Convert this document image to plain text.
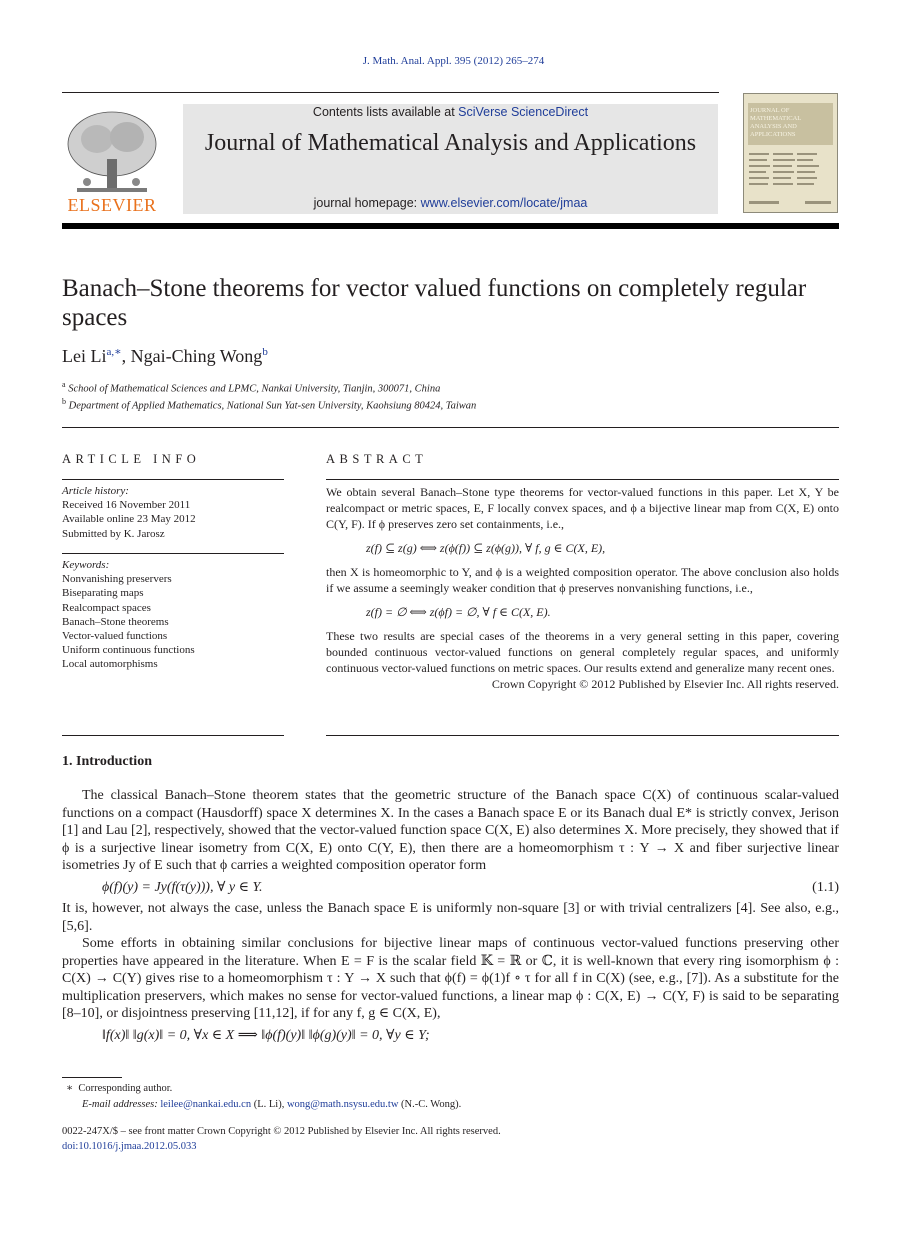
J. Math. Anal. Appl. 395 (2012) 265–274
ELSEVIER
Contents lists available at SciVerse ScienceDirect
Journal of Mathematical Analysis and Applications
journal homepage: www.elsevier.com/locate/jmaa
JOURNAL OF MATHEMATICAL ANALYSIS AND APPLICATIONS
Banach–Stone theorems for vector valued functions on completely regular spaces
Lei $Li^{a,∗}$, Ngai-Ching Wong$^b$
$^a$ School of Mathematical Sciences and LPMC, Nankai University, Tianjin, 300071, China
$^b$ Department of Applied Mathematics, National Sun Yat-sen University, Kaohsiung 80424, Taiwan
ARTICLE INFO
Article history:
Received 16 November 2011
Available online 23 May 2012
Submitted by K. Jarosz
Keywords:
Nonvanishing preservers
Biseparating maps
Realcompact spaces
Banach–Stone theorems
Vector-valued functions
Uniform continuous functions
Local automorphisms
ABSTRACT

We obtain several Banach–Stone type theorems for vector-valued functions in this paper. Let X, Y be realcompact or metric spaces, E, F locally convex spaces, and ϕ a bijective linear map from C(X, E) onto C(Y, F). If ϕ preserves zero set containments, i.e.,

z(f) ⊆ z(g) ⟺ z(ϕ(f)) ⊆ z(ϕ(g)), ∀ f, g ∈ C(X, E),

then X is homeomorphic to Y, and ϕ is a weighted composition operator. The above conclusion also holds if we assume a seemingly weaker condition that ϕ preserves nonvanishing functions, i.e.,

z(f) = ∅ ⟺ z(ϕf) = ∅, ∀ f ∈ C(X, E).

These two results are special cases of the theorems in a very general setting in this paper, covering bounded continuous vector-valued functions on general completely regular spaces, and uniformly continuous vector-valued functions on metric spaces. Our results extend and generalize many recent ones.

Crown Copyright © 2012 Published by Elsevier Inc. All rights reserved.

1. Introduction

The classical Banach–Stone theorem states that the geometric structure of the Banach space C(X) of continuous scalar-valued functions on a compact (Hausdorff) space X determines X. In the cases a Banach space E or its Banach dual E* is strictly convex, Jerison [1] and Lau [2], respectively, showed that the vector-valued function space C(X, E) also determines X. More precisely, they showed that if ϕ is a surjective linear isometry from C(X, E) onto C(Y, E), then there are a homeomorphism τ : Y → X and fiber surjective linear isometries Jy of E such that ϕ carries a weighted composition operator form

ϕ(f)(y) = Jy(f(τ(y))), ∀ y ∈ Y.	(1.1)

It is, however, not always the case, unless the Banach space E is uniformly non-square [3] or with trivial centralizers [4]. See also, e.g., [5,6].

Some efforts in obtaining similar conclusions for bijective linear maps of continuous vector-valued functions preserving other properties have appeared in the literature. When E = F is the scalar field 𝕂 = ℝ or ℂ, it is well-known that every ring isomorphism ϕ : C(X) → C(Y) gives rise to a homeomorphism τ : Y → X such that ϕ(f) = ϕ(1)f ∘ τ for all f in C(X) (see, e.g., [7]). As a substitute for the multiplication preservers, which makes no sense for vector-valued functions, a linear map ϕ : C(X, E) → C(Y, F) is said to be separating [8–10], or disjointness preserving [11,12], if for any f, g ∈ C(X, E),

‖f(x)‖ ‖g(x)‖ = 0, ∀x ∈ X ⟹ ‖ϕ(f)(y)‖ ‖ϕ(g)(y)‖ = 0, ∀y ∈ Y;

∗ Corresponding author.
E-mail addresses: leilee@nankai.edu.cn (L. Li), wong@math.nsysu.edu.tw (N.-C. Wong).
0022-247X/$ – see front matter Crown Copyright © 2012 Published by Elsevier Inc. All rights reserved.
doi:10.1016/j.jmaa.2012.05.033
